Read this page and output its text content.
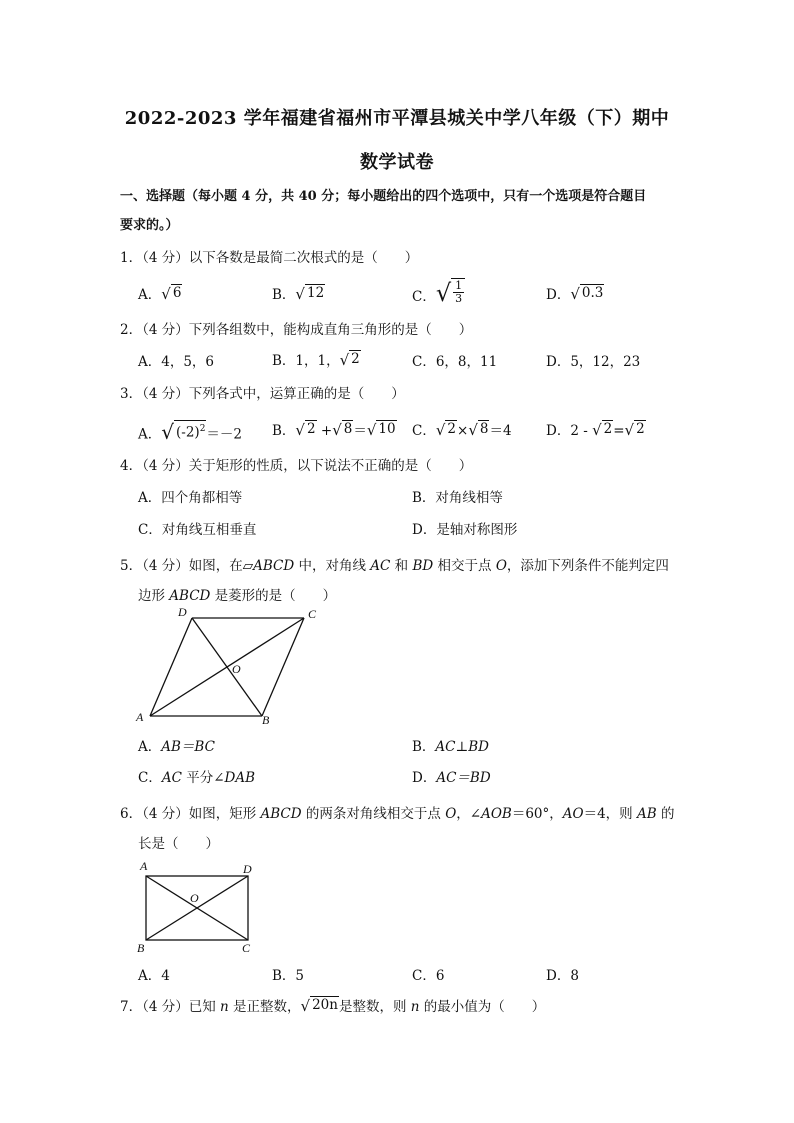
2022-2023 学年福建省福州市平潭县城关中学八年级（下）期中
数学试卷
一、选择题（每小题 4 分，共 40 分；每小题给出的四个选项中，只有一个选项是符合题目
要求的。）
1．（4 分）以下各数是最简二次根式的是（　　）
A． √ 6	B． √ 12	C． √ $\frac{1}{3}$	D． √ 0.3
2．（4 分）下列各组数中，能构成直角三角形的是（　　）
A．4，5，6	B．1，1， √ 2	C．6，8，11	D．5，12，23
3．（4 分）下列各式中，运算正确的是（　　）
A． √ $(-2)^2 =-2$ B． √ 2 + √ 8 ＝ √ 10 C． √ 2 × √ 8 ＝4	D．2 - √ 2 = √ 2
4．（4 分）关于矩形的性质，以下说法不正确的是（　　）
A．四个角都相等	B．对角线相等
C．对角线互相垂直	D．是轴对称图形
5．（4 分）如图，在▱ABCD 中，对角线 AC 和 BD 相交于点 O，添加下列条件不能判定四
边形 ABCD 是菱形的是（　　）
D	C
A	B
O
A．AB＝BC	B．AC⊥BD
C．AC 平分∠DAB	D．AC＝BD
6．（4 分）如图，矩形 ABCD 的两条对角线相交于点 O，∠AOB＝60°，AO＝4，则 AB 的
长是（　　）
A	D
B	C
O
A．4	B．5	C．6	D．8
7．（4 分）已知 n 是正整数， √ 20n 是整数，则 n 的最小值为（　　）
